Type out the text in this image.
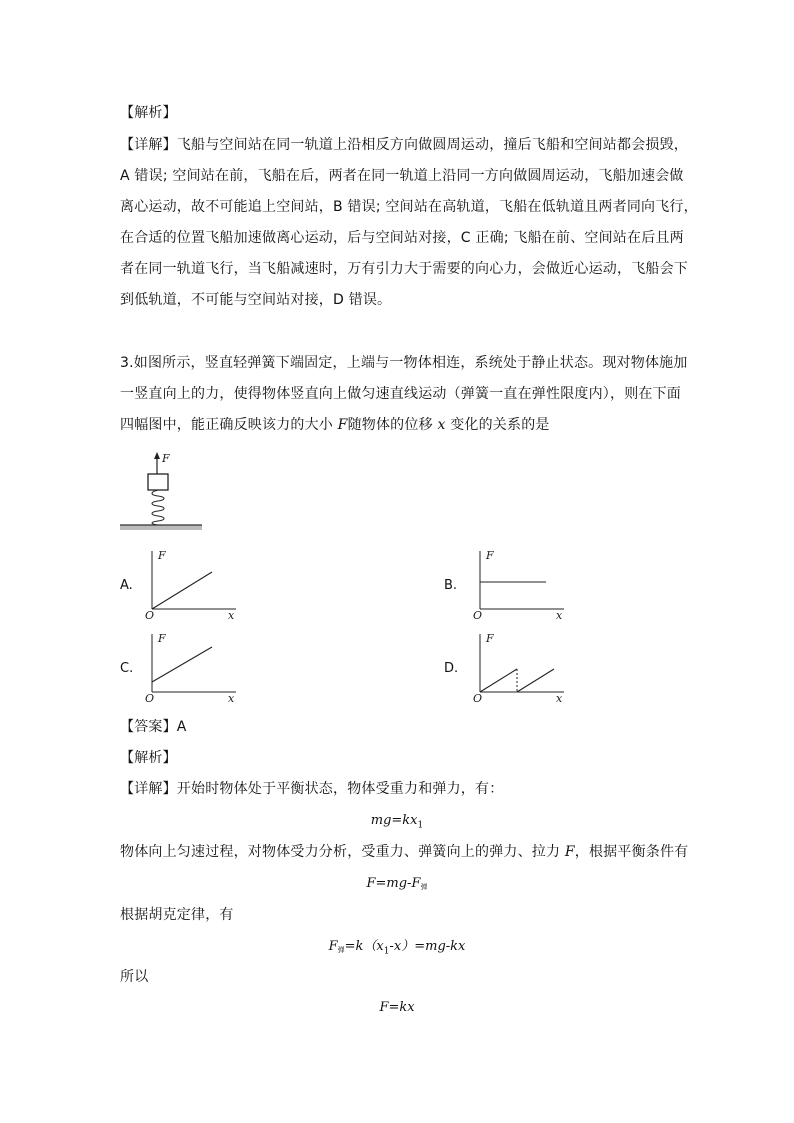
【解析】
【详解】飞船与空间站在同一轨道上沿相反方向做圆周运动，撞后飞船和空间站都会损毁，
A 错误; 空间站在前，飞船在后，两者在同一轨道上沿同一方向做圆周运动，飞船加速会做
离心运动，故不可能追上空间站，B 错误; 空间站在高轨道，飞船在低轨道且两者同向飞行，
在合适的位置飞船加速做离心运动，后与空间站对接，C 正确; 飞船在前、空间站在后且两
者在同一轨道飞行，当飞船减速时，万有引力大于需要的向心力，会做近心运动，飞船会下
到低轨道，不可能与空间站对接，D 错误。
3.如图所示，竖直轻弹簧下端固定，上端与一物体相连，系统处于静止状态。现对物体施加
一竖直向上的力，使得物体竖直向上做匀速直线运动（弹簧一直在弹性限度内），则在下面
四幅图中，能正确反映该力的大小 F随物体的位移 x 变化的关系的是
F
A.
F
x
O
B.
F
x
O
C.
F
x
O
D.
F
x
O
【答案】A
【解析】
【详解】开始时物体处于平衡状态，物体受重力和弹力，有：
$mg=kx_1$
物体向上匀速过程，对物体受力分析，受重力、弹簧向上的弹力、拉力 F，根据平衡条件有
F=mg-F弹
根据胡克定律，有
F弹$=k(x_1-x)=mg-kx$
所以
F=kx
